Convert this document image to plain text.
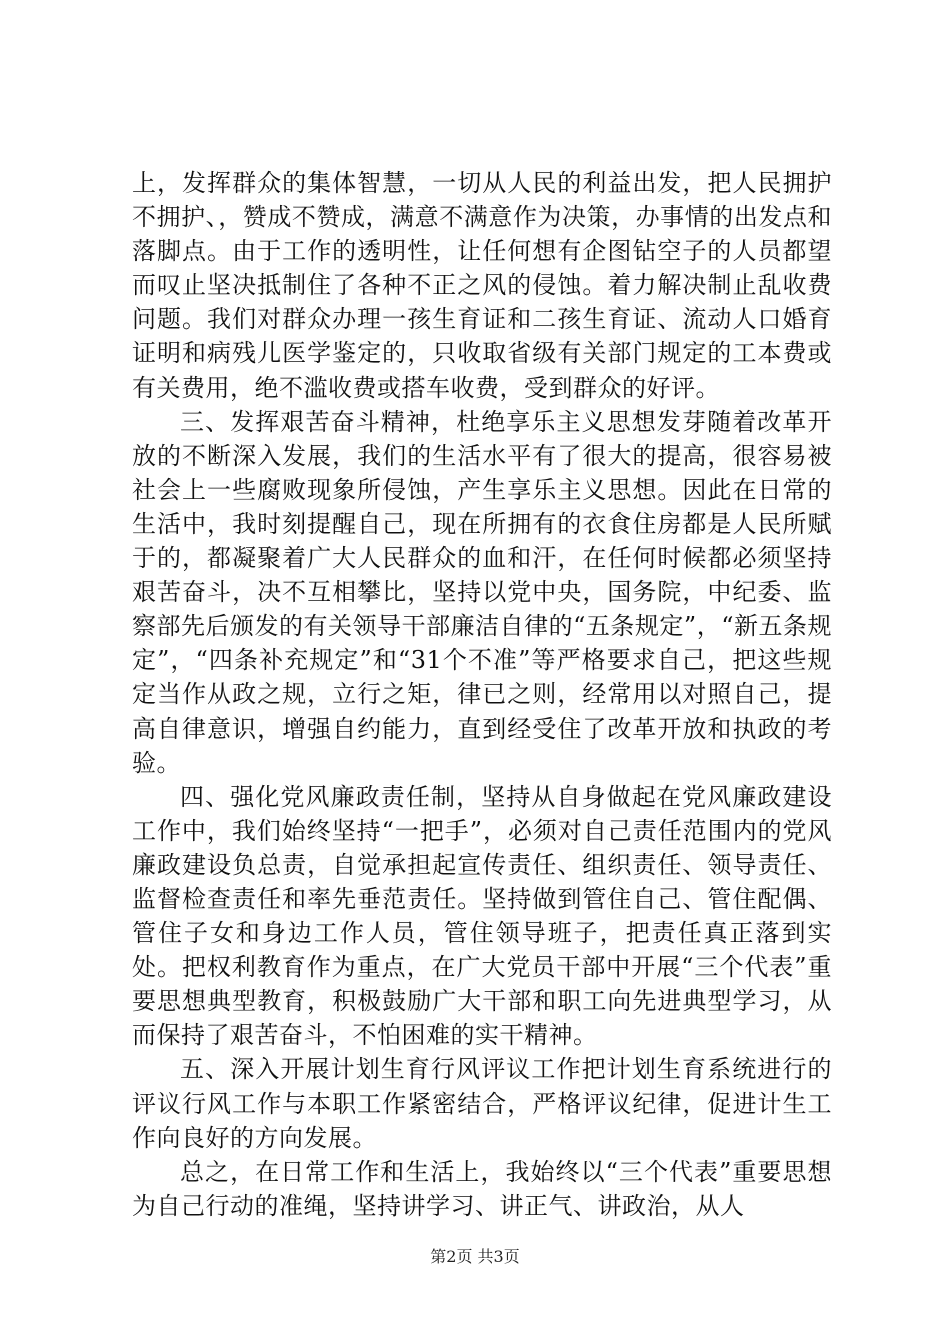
上，发挥群众的集体智慧，一切从人民的利益出发，把人民拥护不拥护、，赞成不赞成，满意不满意作为决策，办事情的出发点和落脚点。由于工作的透明性，让任何想有企图钻空子的人员都望而叹止坚决抵制住了各种不正之风的侵蚀。着力解决制止乱收费问题。我们对群众办理一孩生育证和二孩生育证、流动人口婚育证明和病残儿医学鉴定的，只收取省级有关部门规定的工本费或有关费用，绝不滥收费或搭车收费，受到群众的好评。

三、发挥艰苦奋斗精神，杜绝享乐主义思想发芽随着改革开放的不断深入发展，我们的生活水平有了很大的提高，很容易被社会上一些腐败现象所侵蚀，产生享乐主义思想。因此在日常的生活中，我时刻提醒自己，现在所拥有的衣食住房都是人民所赋于的，都凝聚着广大人民群众的血和汗，在任何时候都必须坚持艰苦奋斗，决不互相攀比，坚持以党中央，国务院，中纪委、监察部先后颁发的有关领导干部廉洁自律的“五条规定”，“新五条规定”，“四条补充规定”和“31个不准”等严格要求自己，把这些规定当作从政之规，立行之矩，律已之则，经常用以对照自己，提高自律意识，增强自约能力，直到经受住了改革开放和执政的考验。

四、强化党风廉政责任制，坚持从自身做起在党风廉政建设工作中，我们始终坚持“一把手”，必须对自己责任范围内的党风廉政建设负总责，自觉承担起宣传责任、组织责任、领导责任、监督检查责任和率先垂范责任。坚持做到管住自己、管住配偶、管住子女和身边工作人员，管住领导班子，把责任真正落到实处。把权利教育作为重点，在广大党员干部中开展“三个代表”重要思想典型教育，积极鼓励广大干部和职工向先进典型学习，从而保持了艰苦奋斗，不怕困难的实干精神。

五、深入开展计划生育行风评议工作把计划生育系统进行的评议行风工作与本职工作紧密结合，严格评议纪律，促进计生工作向良好的方向发展。

总之，在日常工作和生活上，我始终以“三个代表”重要思想为自己行动的准绳，坚持讲学习、讲正气、讲政治，从人

第2页 共3页
